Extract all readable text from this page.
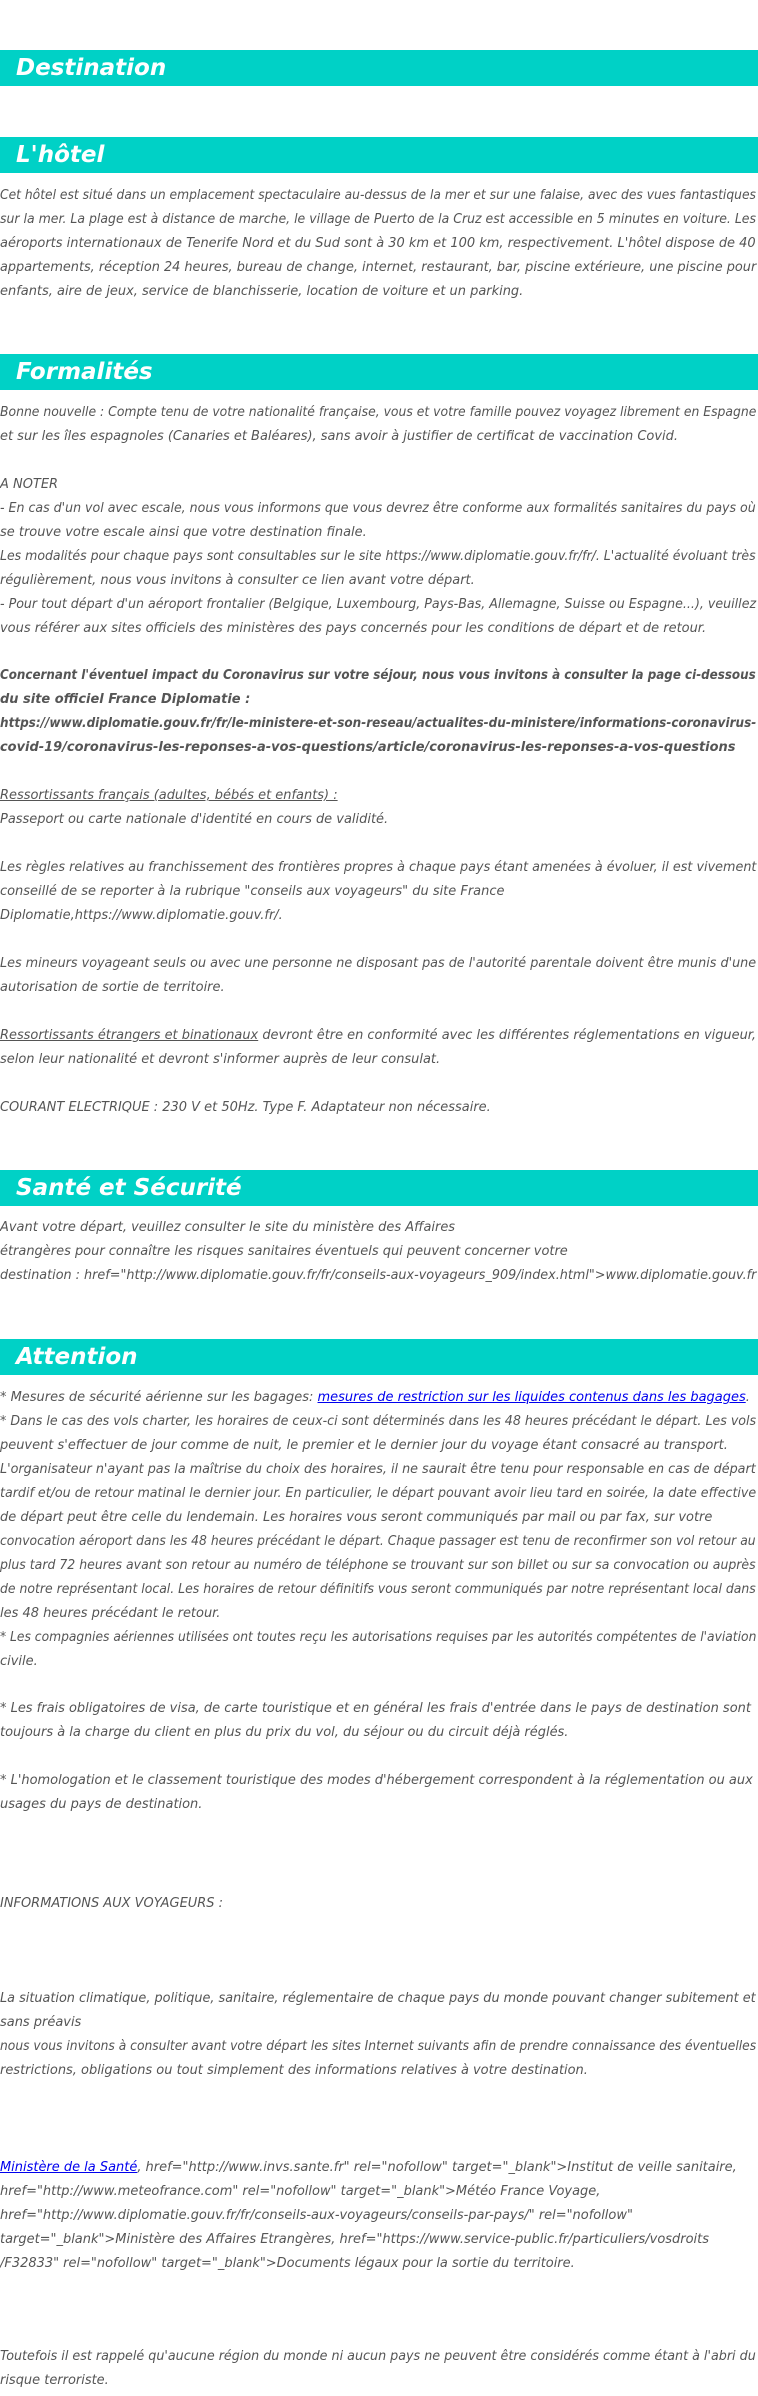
Destination
L'hôtel
Cet hôtel est situé dans un emplacement spectaculaire au-dessus de la mer et sur une falaise, avec des vues fantastiques
sur la mer. La plage est à distance de marche, le village de Puerto de la Cruz est accessible en 5 minutes en voiture. Les
aéroports internationaux de Tenerife Nord et du Sud sont à 30 km et 100 km, respectivement. L'hôtel dispose de 40
appartements, réception 24 heures, bureau de change, internet, restaurant, bar, piscine extérieure, une piscine pour
enfants, aire de jeux, service de blanchisserie, location de voiture et un parking.
Formalités
Bonne nouvelle : Compte tenu de votre nationalité française, vous et votre famille pouvez voyagez librement en Espagne
et sur les îles espagnoles (Canaries et Baléares), sans avoir à justifier de certificat de vaccination Covid.
A NOTER
- En cas d'un vol avec escale, nous vous informons que vous devrez être conforme aux formalités sanitaires du pays où
se trouve votre escale ainsi que votre destination finale.
Les modalités pour chaque pays sont consultables sur le site https://www.diplomatie.gouv.fr/fr/. L'actualité évoluant très
régulièrement, nous vous invitons à consulter ce lien avant votre départ.
- Pour tout départ d'un aéroport frontalier (Belgique, Luxembourg, Pays-Bas, Allemagne, Suisse ou Espagne...), veuillez
vous référer aux sites officiels des ministères des pays concernés pour les conditions de départ et de retour.
Concernant l'éventuel impact du Coronavirus sur votre séjour, nous vous invitons à consulter la page ci-dessous
du site officiel France Diplomatie :
https://www.diplomatie.gouv.fr/fr/le-ministere-et-son-reseau/actualites-du-ministere/informations-coronavirus-
covid-19/coronavirus-les-reponses-a-vos-questions/article/coronavirus-les-reponses-a-vos-questions
Ressortissants français (adultes, bébés et enfants) :
Passeport ou carte nationale d'identité en cours de validité.
Les règles relatives au franchissement des frontières propres à chaque pays étant amenées à évoluer, il est vivement
conseillé de se reporter à la rubrique "conseils aux voyageurs" du site France
Diplomatie,https://www.diplomatie.gouv.fr/.
Les mineurs voyageant seuls ou avec une personne ne disposant pas de l'autorité parentale doivent être munis d'une
autorisation de sortie de territoire.
Ressortissants étrangers et binationaux devront être en conformité avec les différentes réglementations en vigueur,
selon leur nationalité et devront s'informer auprès de leur consulat.
COURANT ELECTRIQUE : 230 V et 50Hz. Type F. Adaptateur non nécessaire.
Santé et Sécurité
Avant votre départ, veuillez consulter le site du ministère des Affaires
étrangères pour connaître les risques sanitaires éventuels qui peuvent concerner votre
destination : href="http://www.diplomatie.gouv.fr/fr/conseils-aux-voyageurs_909/index.html">www.diplomatie.gouv.fr
Attention
* Mesures de sécurité aérienne sur les bagages: mesures de restriction sur les liquides contenus dans les bagages.
* Dans le cas des vols charter, les horaires de ceux-ci sont déterminés dans les 48 heures précédant le départ. Les vols
peuvent s'effectuer de jour comme de nuit, le premier et le dernier jour du voyage étant consacré au transport.
L'organisateur n'ayant pas la maîtrise du choix des horaires, il ne saurait être tenu pour responsable en cas de départ
tardif et/ou de retour matinal le dernier jour. En particulier, le départ pouvant avoir lieu tard en soirée, la date effective
de départ peut être celle du lendemain. Les horaires vous seront communiqués par mail ou par fax, sur votre
convocation aéroport dans les 48 heures précédant le départ. Chaque passager est tenu de reconfirmer son vol retour au
plus tard 72 heures avant son retour au numéro de téléphone se trouvant sur son billet ou sur sa convocation ou auprès
de notre représentant local. Les horaires de retour définitifs vous seront communiqués par notre représentant local dans
les 48 heures précédant le retour.
* Les compagnies aériennes utilisées ont toutes reçu les autorisations requises par les autorités compétentes de l'aviation
civile.
* Les frais obligatoires de visa, de carte touristique et en général les frais d'entrée dans le pays de destination sont
toujours à la charge du client en plus du prix du vol, du séjour ou du circuit déjà réglés.
* L'homologation et le classement touristique des modes d'hébergement correspondent à la réglementation ou aux
usages du pays de destination.
INFORMATIONS AUX VOYAGEURS :
La situation climatique, politique, sanitaire, réglementaire de chaque pays du monde pouvant changer subitement et
sans préavis
nous vous invitons à consulter avant votre départ les sites Internet suivants afin de prendre connaissance des éventuelles
restrictions, obligations ou tout simplement des informations relatives à votre destination.
Ministère de la Santé, href="http://www.invs.sante.fr" rel="nofollow" target="_blank">Institut de veille sanitaire,
href="http://www.meteofrance.com" rel="nofollow" target="_blank">Météo France Voyage,
href="http://www.diplomatie.gouv.fr/fr/conseils-aux-voyageurs/conseils-par-pays/" rel="nofollow"
target="_blank">Ministère des Affaires Etrangères, href="https://www.service-public.fr/particuliers/vosdroits
/F32833" rel="nofollow" target="_blank">Documents légaux pour la sortie du territoire.
Toutefois il est rappelé qu'aucune région du monde ni aucun pays ne peuvent être considérés comme étant à l'abri du
risque terroriste.
